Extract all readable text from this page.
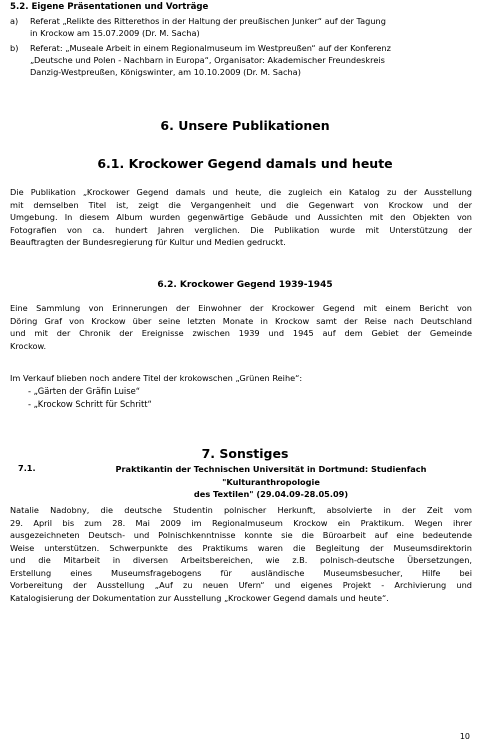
5.2. Eigene Präsentationen und Vorträge
a)	Referat „Relikte des Ritterethos in der Haltung der preußischen Junker“ auf der Tagung
in Krockow am 15.07.2009 (Dr. M. Sacha)
b)	Referat: „Museale Arbeit in einem Regionalmuseum im Westpreußen“ auf der Konferenz
„Deutsche und Polen - Nachbarn in Europa“, Organisator: Akademischer Freundeskreis
Danzig-Westpreußen, Königswinter, am 10.10.2009 (Dr. M. Sacha)
6. Unsere Publikationen
6.1. Krockower Gegend damals und heute
Die Publikation „Krockower Gegend damals und heute, die zugleich ein Katalog zu der Ausstellung
mit demselben Titel ist, zeigt die Vergangenheit und die Gegenwart von Krockow und der
Umgebung. In diesem Album wurden gegenwärtige Gebäude und Aussichten mit den Objekten von
Fotografien von ca. hundert Jahren verglichen. Die Publikation wurde mit Unterstützung der
Beauftragten der Bundesregierung für Kultur und Medien gedruckt.
6.2. Krockower Gegend 1939-1945
Eine Sammlung von Erinnerungen der Einwohner der Krockower Gegend mit einem Bericht von
Döring Graf von Krockow über seine letzten Monate in Krockow samt der Reise nach Deutschland
und mit der Chronik der Ereignisse zwischen 1939 und 1945 auf dem Gebiet der Gemeinde
Krockow.
Im Verkauf blieben noch andere Titel der krokowschen „Grünen Reihe“:
- „Gärten der Gräfin Luise“
- „Krockow Schritt für Schritt“
7. Sonstiges
7.1.	Praktikantin der Technischen Universität in Dortmund: Studienfach "Kulturanthropologie
des Textilen" (29.04.09-28.05.09)
Natalie Nadobny, die deutsche Studentin polnischer Herkunft, absolvierte in der Zeit vom
29. April bis zum 28. Mai 2009 im Regionalmuseum Krockow ein Praktikum. Wegen ihrer
ausgezeichneten Deutsch- und Polnischkenntnisse konnte sie die Büroarbeit auf eine bedeutende
Weise unterstützen. Schwerpunkte des Praktikums waren die Begleitung der Museumsdirektorin
und die Mitarbeit in diversen Arbeitsbereichen, wie z.B. polnisch-deutsche Übersetzungen,
Erstellung eines Museumsfragebogens für ausländische Museumsbesucher, Hilfe bei
Vorbereitung der Ausstellung „Auf zu neuen Ufern“ und eigenes Projekt - Archivierung und
Katalogisierung der Dokumentation zur Ausstellung „Krockower Gegend damals und heute“.
10
